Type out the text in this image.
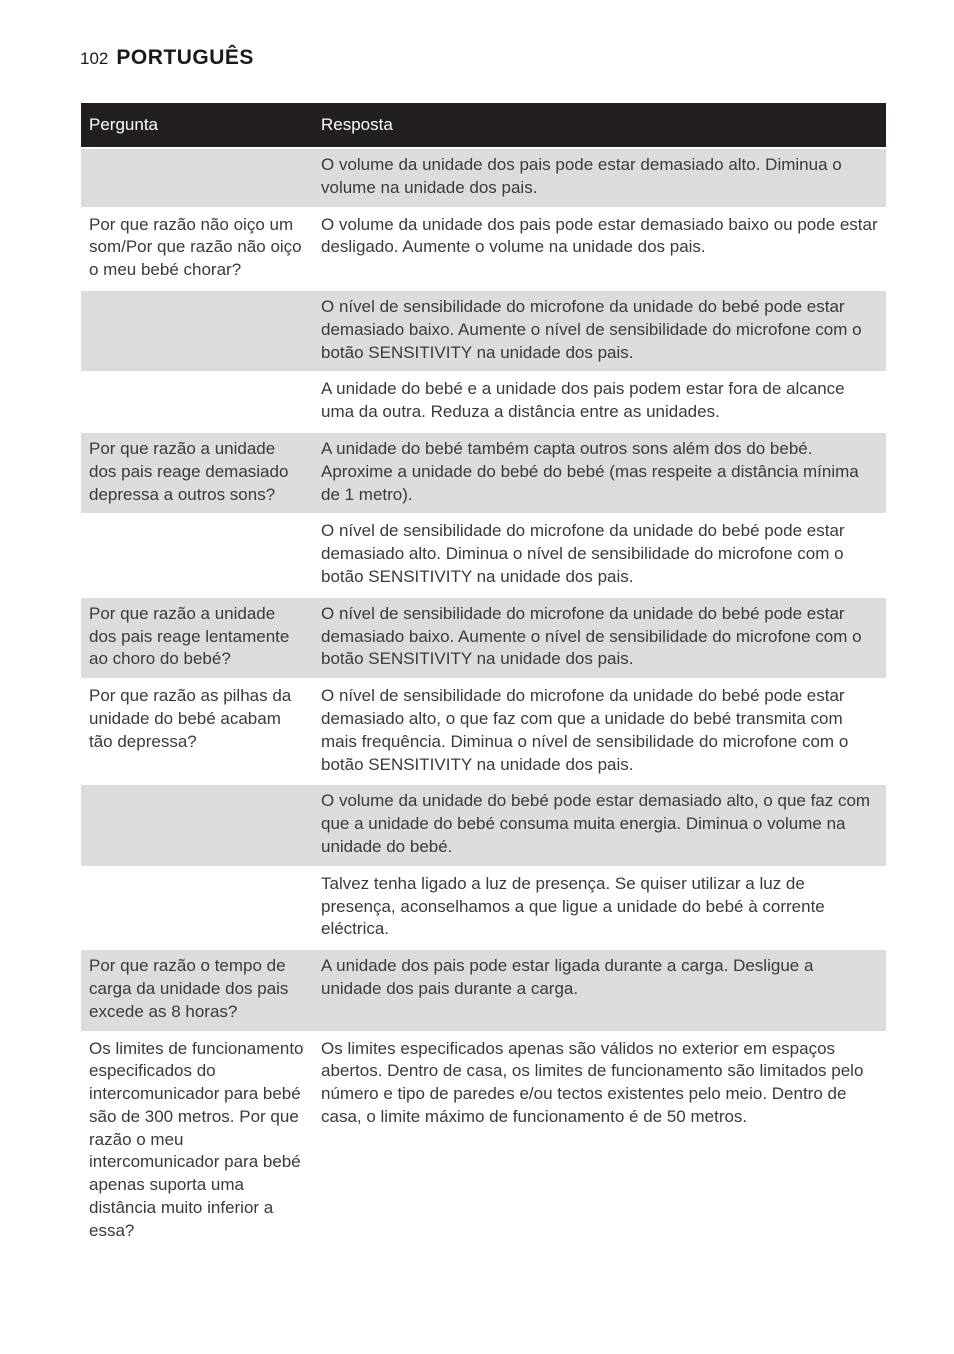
102 PORTUGUÊS
Pergunta	Resposta
	O volume da unidade dos pais pode estar demasiado alto. Diminua o volume na unidade dos pais.
Por que razão não oiço um som/Por que razão não oiço o meu bebé chorar?	O volume da unidade dos pais pode estar demasiado baixo ou pode estar desligado. Aumente o volume na unidade dos pais.
	O nível de sensibilidade do microfone da unidade do bebé pode estar demasiado baixo. Aumente o nível de sensibilidade do microfone com o botão SENSITIVITY na unidade dos pais.
	A unidade do bebé e a unidade dos pais podem estar fora de alcance uma da outra. Reduza a distância entre as unidades.
Por que razão a unidade dos pais reage demasiado depressa a outros sons?	A unidade do bebé também capta outros sons além dos do bebé. Aproxime a unidade do bebé do bebé (mas respeite a distância mínima de 1 metro).
	O nível de sensibilidade do microfone da unidade do bebé pode estar demasiado alto. Diminua o nível de sensibilidade do microfone com o botão SENSITIVITY na unidade dos pais.
Por que razão a unidade dos pais reage lentamente ao choro do bebé?	O nível de sensibilidade do microfone da unidade do bebé pode estar demasiado baixo. Aumente o nível de sensibilidade do microfone com o botão SENSITIVITY na unidade dos pais.
Por que razão as pilhas da unidade do bebé acabam tão depressa?	O nível de sensibilidade do microfone da unidade do bebé pode estar demasiado alto, o que faz com que a unidade do bebé transmita com mais frequência. Diminua o nível de sensibilidade do microfone com o botão SENSITIVITY na unidade dos pais.
	O volume da unidade do bebé pode estar demasiado alto, o que faz com que a unidade do bebé consuma muita energia. Diminua o volume na unidade do bebé.
	Talvez tenha ligado a luz de presença. Se quiser utilizar a luz de presença, aconselhamos a que ligue a unidade do bebé à corrente eléctrica.
Por que razão o tempo de carga da unidade dos pais excede as 8 horas?	A unidade dos pais pode estar ligada durante a carga. Desligue a unidade dos pais durante a carga.
Os limites de funcionamento especificados do intercomunicador para bebé são de 300 metros. Por que razão o meu intercomunicador para bebé apenas suporta uma distância muito inferior a essa?	Os limites especificados apenas são válidos no exterior em espaços abertos. Dentro de casa, os limites de funcionamento são limitados pelo número e tipo de paredes e/ou tectos existentes pelo meio. Dentro de casa, o limite máximo de funcionamento é de 50 metros.
